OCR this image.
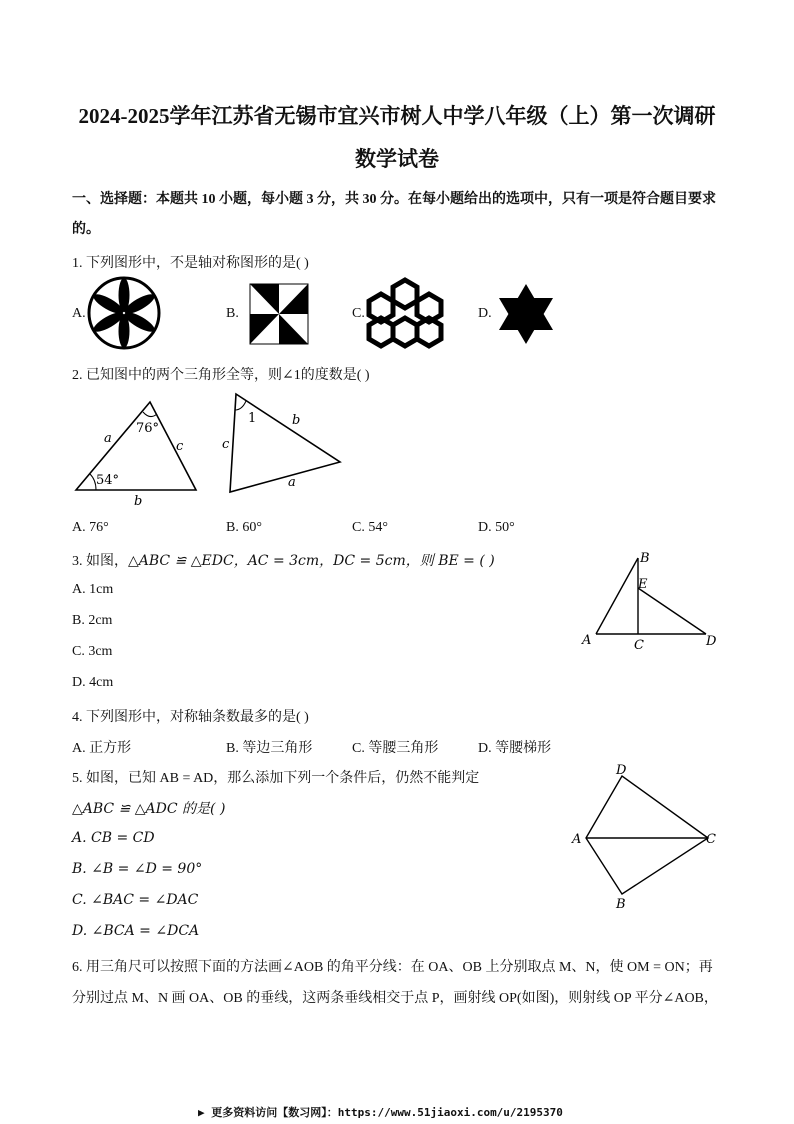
2024-2025学年江苏省无锡市宜兴市树人中学八年级（上）第一次调研
数学试卷
一、选择题：本题共 10 小题，每小题 3 分，共 30 分。在每小题给出的选项中，只有一项是符合题目要求
的。
1. 下列图形中，不是轴对称图形的是( )
A.	B.	C.	D.
2. 已知图中的两个三角形全等，则∠1的度数是( )
76°
54°
a
c
b
1	b
c
a
A. 76°	B. 60°	C. 54°	D. 50°
3. 如图，△ABC ≌ △EDC，AC = 3cm，DC = 5cm，则 BE = ( )
A. 1cm
B. 2cm
C. 3cm
D. 4cm
B
E
A	C	D
4. 下列图形中，对称轴条数最多的是( )
A. 正方形	B. 等边三角形	C. 等腰三角形	D. 等腰梯形
5. 如图，已知 AB = AD，那么添加下列一个条件后，仍然不能判定
△ABC ≌ △ADC 的是( )
A. CB = CD
B. ∠B = ∠D = 90°
C. ∠BAC = ∠DAC
D. ∠BCA = ∠DCA
D
A	C
B
6. 用三角尺可以按照下面的方法画∠AOB 的角平分线：在 OA、OB 上分别取点 M、N，使 OM = ON；再
分别过点 M、N 画 OA、OB 的垂线，这两条垂线相交于点 P，画射线 OP(如图)，则射线 OP 平分∠AOB，
▶ 更多资料访问【数习网】：https://www.51jiaoxi.com/u/2195370
